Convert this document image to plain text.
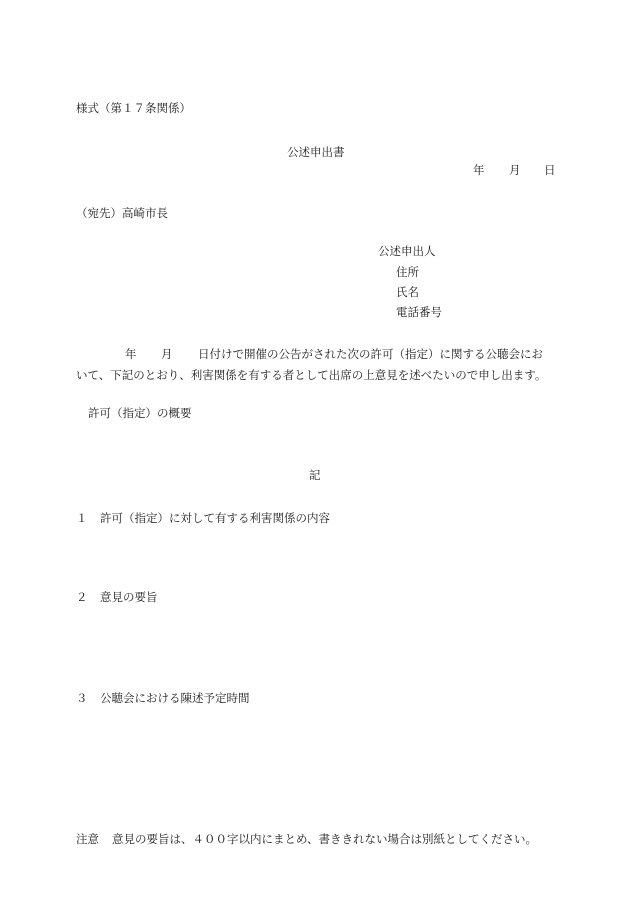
様式（第１７条関係）
公述申出書
年 月 日
（宛先）高崎市長
公述申出人
住所
氏名
電話番号
年 月 日付けで開催の公告がされた次の許可（指定）に関する公聴会にお
いて、下記のとおり、利害関係を有する者として出席の上意見を述べたいので申し出ます。
許可（指定）の概要
記
１ 許可（指定）に対して有する利害関係の内容
２ 意見の要旨
３ 公聴会における陳述予定時間
注意 意見の要旨は、４００字以内にまとめ、書ききれない場合は別紙としてください。
